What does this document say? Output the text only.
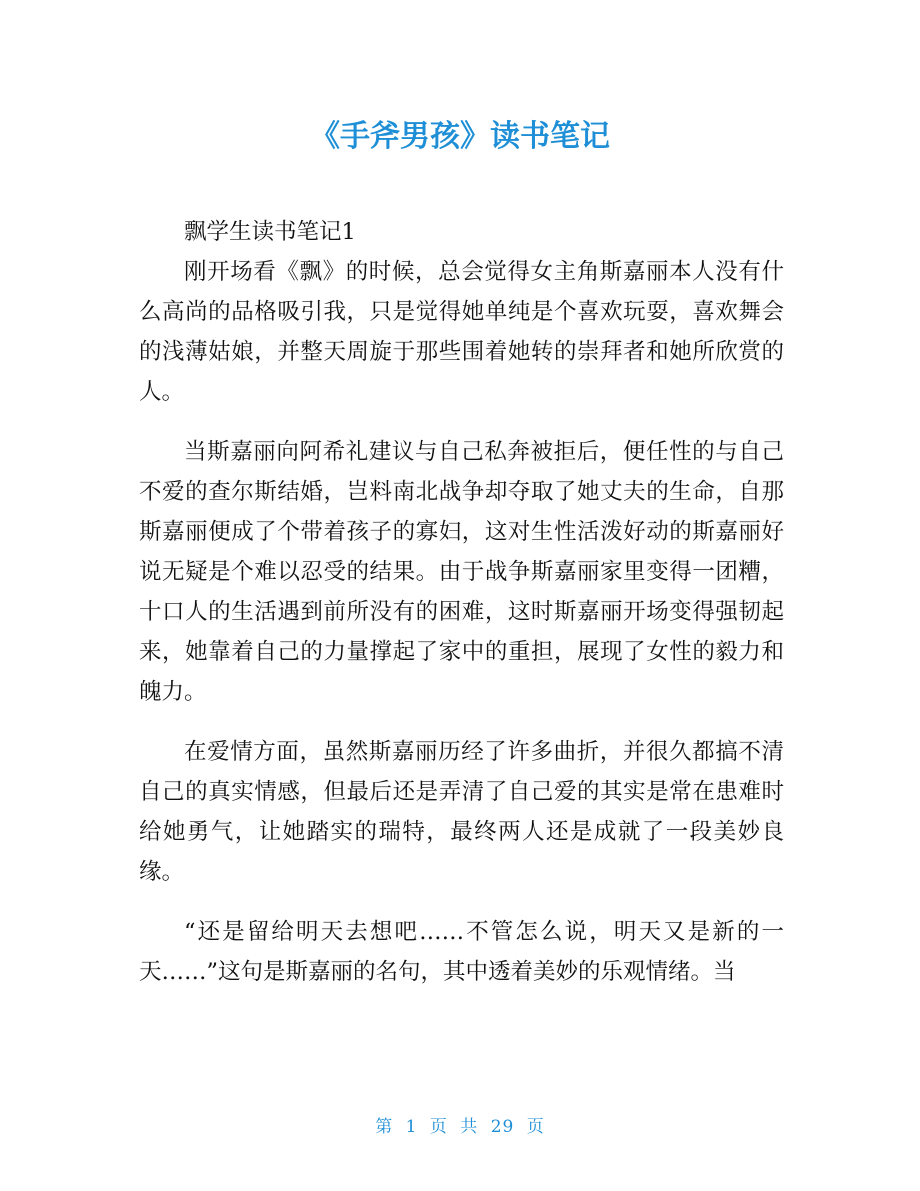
《手斧男孩》读书笔记

飘学生读书笔记1

刚开场看《飘》的时候，总会觉得女主角斯嘉丽本人没有什么高尚的品格吸引我，只是觉得她单纯是个喜欢玩耍，喜欢舞会的浅薄姑娘，并整天周旋于那些围着她转的崇拜者和她所欣赏的人。

当斯嘉丽向阿希礼建议与自己私奔被拒后，便任性的与自己不爱的查尔斯结婚，岂料南北战争却夺取了她丈夫的生命，自那斯嘉丽便成了个带着孩子的寡妇，这对生性活泼好动的斯嘉丽好说无疑是个难以忍受的结果。由于战争斯嘉丽家里变得一团糟，十口人的生活遇到前所没有的困难，这时斯嘉丽开场变得强韧起来，她靠着自己的力量撑起了家中的重担，展现了女性的毅力和魄力。

在爱情方面，虽然斯嘉丽历经了许多曲折，并很久都搞不清自己的真实情感，但最后还是弄清了自己爱的其实是常在患难时给她勇气，让她踏实的瑞特，最终两人还是成就了一段美妙良缘。

“还是留给明天去想吧……不管怎么说，明天又是新的一天……”这句是斯嘉丽的名句，其中透着美妙的乐观情绪。当

第 1 页 共 29 页
